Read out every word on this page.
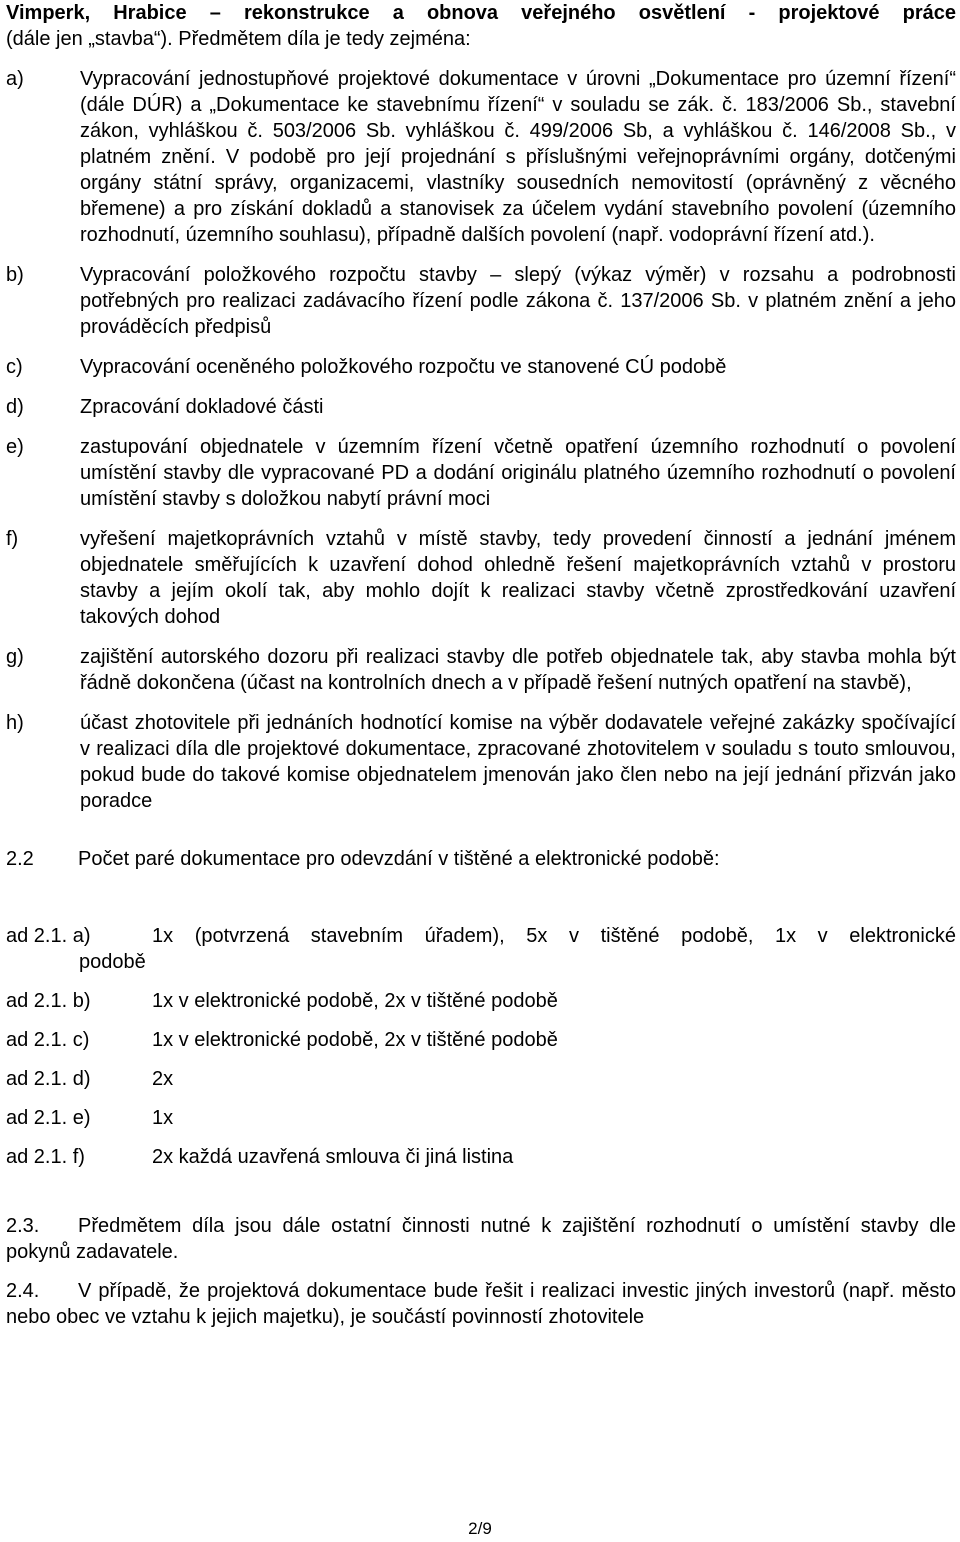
Vimperk, Hrabice – rekonstrukce a obnova veřejného osvětlení - projektové práce
(dále jen „stavba“). Předmětem díla je tedy zejména:
a)	Vypracování jednostupňové projektové dokumentace v úrovni „Dokumentace pro územní řízení“ (dále DÚR) a „Dokumentace ke stavebnímu řízení“ v souladu se zák. č. 183/2006 Sb., stavební zákon, vyhláškou č. 503/2006 Sb. vyhláškou č. 499/2006 Sb, a vyhláškou č. 146/2008 Sb., v platném znění. V podobě pro její projednání s příslušnými veřejnoprávními orgány, dotčenými orgány státní správy, organizacemi, vlastníky sousedních nemovitostí (oprávněný z věcného břemene) a pro získání dokladů a stanovisek za účelem vydání stavebního povolení (územního rozhodnutí, územního souhlasu), případně dalších povolení (např. vodoprávní řízení atd.).
b)	Vypracování položkového rozpočtu stavby – slepý (výkaz výměr) v rozsahu a podrobnosti potřebných pro realizaci zadávacího řízení podle zákona č. 137/2006 Sb. v platném znění a jeho prováděcích předpisů
c)	Vypracování oceněného položkového rozpočtu ve stanovené CÚ podobě
d)	Zpracování dokladové části
e)	zastupování objednatele v územním řízení včetně opatření územního rozhodnutí o povolení umístění stavby dle vypracované PD a dodání originálu platného územního rozhodnutí o povolení umístění stavby s doložkou nabytí právní moci
f)	vyřešení majetkoprávních vztahů v místě stavby, tedy provedení činností a jednání jménem objednatele směřujících k uzavření dohod ohledně řešení majetkoprávních vztahů v prostoru stavby a jejím okolí tak, aby mohlo dojít k realizaci stavby včetně zprostředkování uzavření takových dohod
g)	zajištění autorského dozoru při realizaci stavby dle potřeb objednatele tak, aby stavba mohla být řádně dokončena (účast na kontrolních dnech a v případě řešení nutných opatření na stavbě),
h)	účast zhotovitele při jednáních hodnotící komise na výběr dodavatele veřejné zakázky spočívající v realizaci díla dle projektové dokumentace, zpracované zhotovitelem v souladu s touto smlouvou, pokud bude do takové komise objednatelem jmenován jako člen nebo na její jednání přizván jako poradce
2.2	Počet paré dokumentace pro odevzdání v tištěné a elektronické podobě:
ad 2.1. a)	1x (potvrzená stavebním úřadem), 5x v tištěné podobě, 1x v elektronické
podobě
ad 2.1. b)	1x v elektronické podobě, 2x v tištěné podobě
ad 2.1. c)	1x v elektronické podobě, 2x v tištěné podobě
ad 2.1. d)	2x
ad 2.1. e)	1x
ad 2.1. f)	2x každá uzavřená smlouva či jiná listina
2.3. Předmětem díla jsou dále ostatní činnosti nutné k zajištění rozhodnutí o umístění stavby dle pokynů zadavatele.
2.4. V případě, že projektová dokumentace bude řešit i realizaci investic jiných investorů (např. město nebo obec ve vztahu k jejich majetku), je součástí povinností zhotovitele
2/9
